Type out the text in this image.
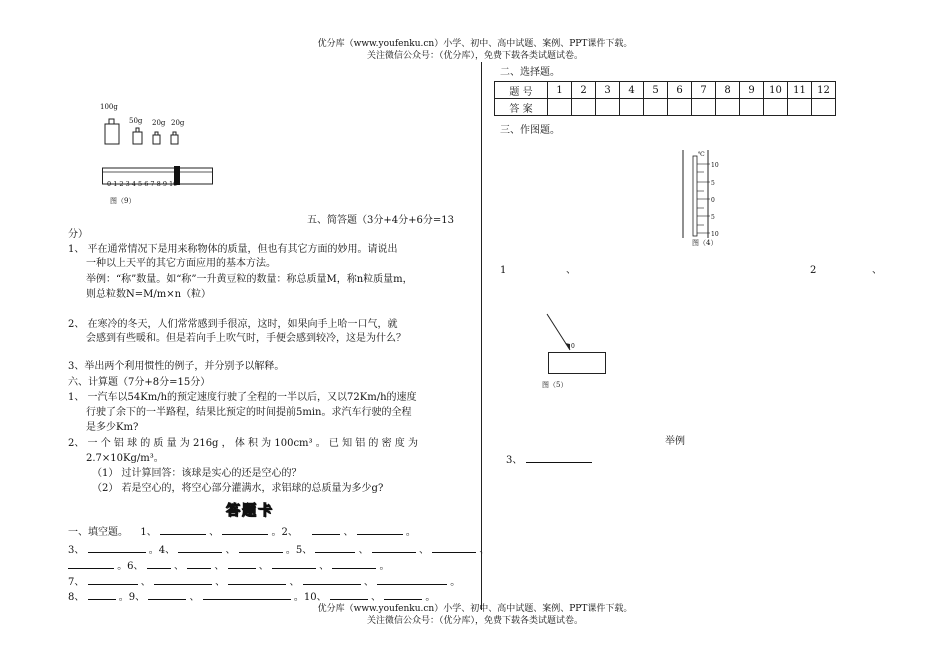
优分库（www.youfenku.cn）小学、初中、高中试题、案例、PPT课件下载。
关注微信公众号：（优分库），免费下载各类试题试卷。
100g
50g 20g 20g
0 1 2 3 4 5 6 7 8 9 10
图（9）
五、简答题（3分+4分+6分=13
分）
1、 平在通常情况下是用来称物体的质量，但也有其它方面的妙用。请说出
一种以上天平的其它方面应用的基本方法。
举例：“称”数量。如“称”一升黄豆粒的数量：称总质量M，称n粒质量m，
则总粒数N=M/m×n（粒）
2、 在寒冷的冬天，人们常常感到手很凉，这时，如果向手上哈一口气，就
会感到有些暖和。但是若向手上吹气时，手便会感到较冷，这是为什么？
3、举出两个利用惯性的例子，并分别予以解释。
六、计算题（7分+8分=15分）
1、 一汽车以54Km/h的预定速度行驶了全程的一半以后，又以72Km/h的速度
行驶了余下的一半路程，结果比预定的时间提前5min。求汽车行驶的全程
是多少Km?
2、 一 个 铝 球 的 质 量 为 216g ， 体 积 为 100cm³ 。 已 知 铝 的 密 度 为
2.7×10Kg/m³。
（1） 过计算回答：该球是实心的还是空心的？
（2） 若是空心的，将空心部分灌满水，求铝球的总质量为多少g?
答题卡
一、填空题。 1、	、	。2、	、	。
3、	。4、	、	。5、	、	、	、
。6、	、	、	、	、	。
7、	、	、	、	、	。
8、	。9、	、	。10、	、	。
二、选择题。
题 号	1	2	3	4	5	6	7	8	9	10	11	12
答 案												
三、作图题。
℃
10
5
0
5
10
图（4）
1	、	2	、
0
图（5）
举例
3、
优分库（www.youfenku.cn）小学、初中、高中试题、案例、PPT课件下载。
关注微信公众号：（优分库），免费下载各类试题试卷。
